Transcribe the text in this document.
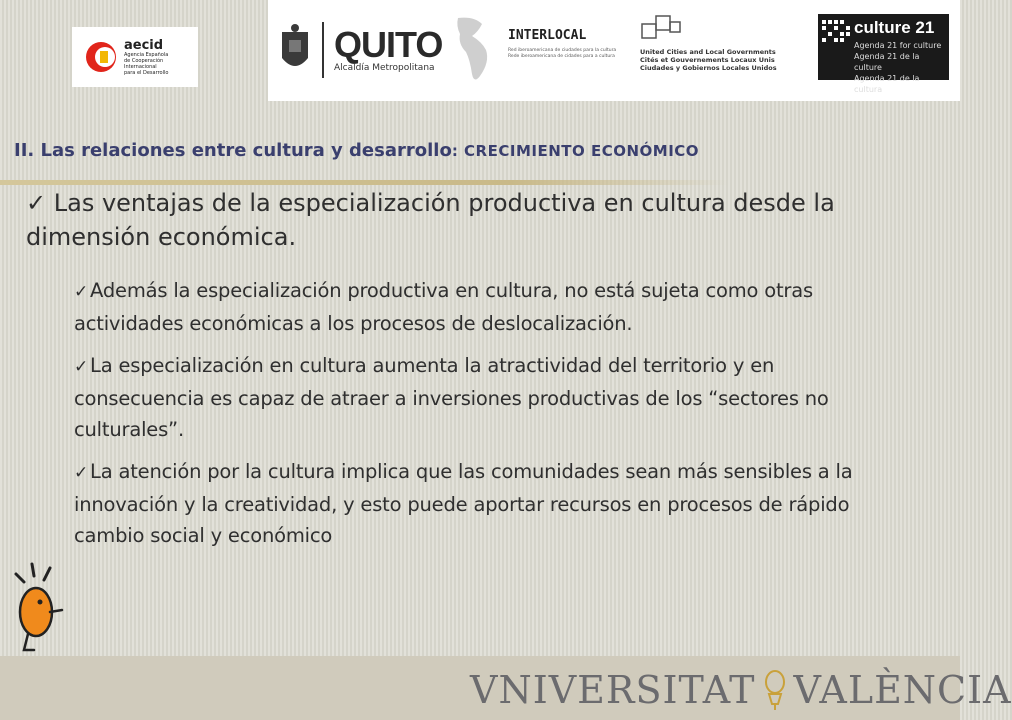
aecid
Agencia Española
de Cooperación
Internacional
para el Desarrollo
QUITO
Alcaldía Metropolitana
INTERLOCAL
Red iberoamericana de ciudades para la cultura
Rede iberoamericana de cidades para a cultura
United Cities and Local Governments
Cités et Gouvernements Locaux Unis
Ciudades y Gobiernos Locales Unidos
culture 21
Agenda 21 for culture
Agenda 21 de la culture
Agenda 21 de la cultura
II. Las relaciones entre cultura y desarrollo: CRECIMIENTO ECONÓMICO
✓ Las ventajas de la especialización productiva en cultura desde la dimensión económica.
✓ Además la especialización productiva en cultura, no está sujeta como otras actividades económicas a los procesos de deslocalización.
✓ La especialización en cultura aumenta la atractividad del territorio y en consecuencia es capaz de atraer a inversiones productivas de los “sectores no culturales”.
✓ La atención por la cultura implica que las comunidades sean más sensibles a la innovación y la creatividad, y esto puede aportar recursos en procesos de rápido cambio social y económico
VNIVERSITAT VALÈNCIA
